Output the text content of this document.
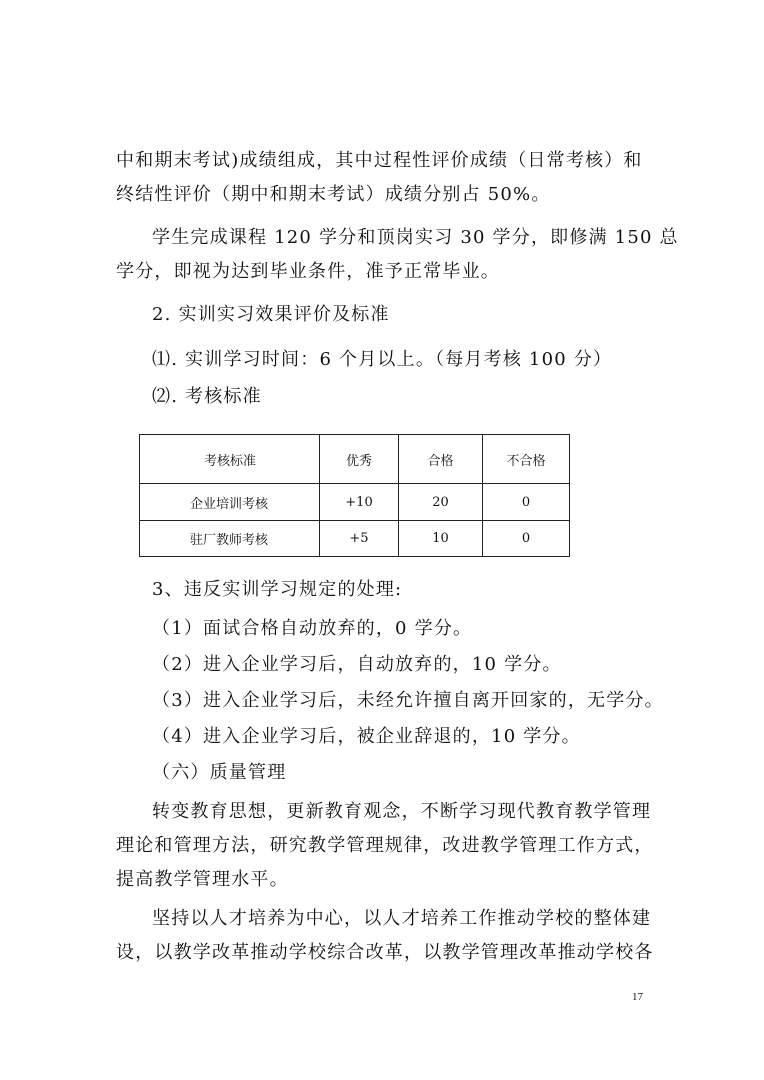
中和期末考试)成绩组成，其中过程性评价成绩（日常考核）和
终结性评价（期中和期末考试）成绩分别占 50%。
学生完成课程 120 学分和顶岗实习 30 学分，即修满 150 总
学分，即视为达到毕业条件，准予正常毕业。
2. 实训实习效果评价及标准
⑴. 实训学习时间：6 个月以上。（每月考核 100 分）
⑵. 考核标准
考核标准	优秀	合格	不合格
企业培训考核	+10	20	0
驻厂教师考核	+5	10	0
3、违反实训学习规定的处理:
（1）面试合格自动放弃的，0 学分。
（2）进入企业学习后，自动放弃的，10 学分。
（3）进入企业学习后，未经允许擅自离开回家的，无学分。
（4）进入企业学习后，被企业辞退的，10 学分。
（六）质量管理
转变教育思想，更新教育观念，不断学习现代教育教学管理
理论和管理方法，研究教学管理规律，改进教学管理工作方式，
提高教学管理水平。
坚持以人才培养为中心，以人才培养工作推动学校的整体建
设，以教学改革推动学校综合改革，以教学管理改革推动学校各
17
